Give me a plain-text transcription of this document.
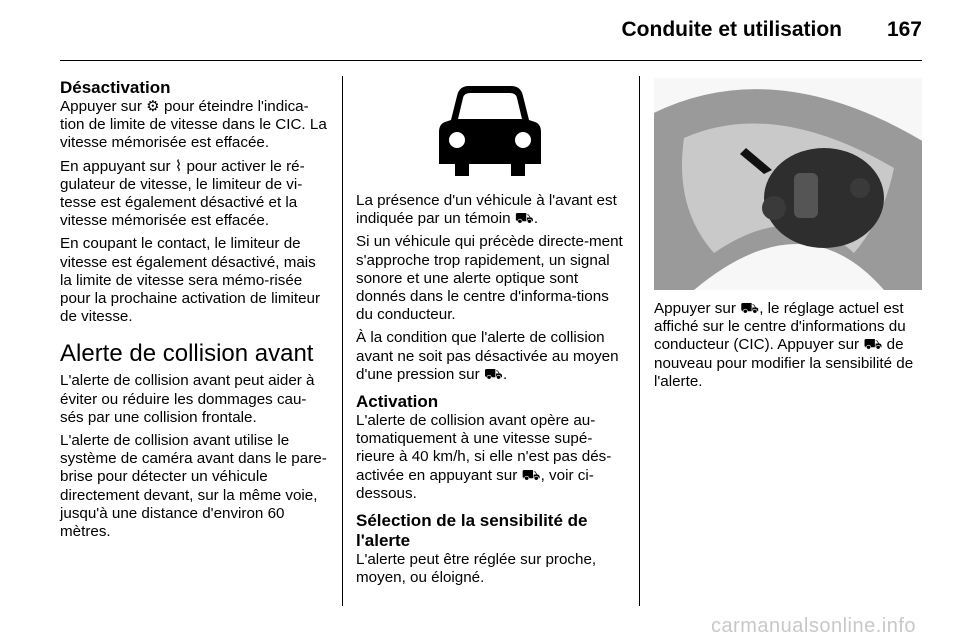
Conduite et utilisation 167
Désactivation

Appuyer sur ⚙ pour éteindre l'indica-tion de limite de vitesse dans le CIC. La vitesse mémorisée est effacée.

En appuyant sur ⌇ pour activer le ré-gulateur de vitesse, le limiteur de vi-tesse est également désactivé et la vitesse mémorisée est effacée.

En coupant le contact, le limiteur de vitesse est également désactivé, mais la limite de vitesse sera mémo-risée pour la prochaine activation de limiteur de vitesse.

Alerte de collision avant

L'alerte de collision avant peut aider à éviter ou réduire les dommages cau-sés par une collision frontale.

L'alerte de collision avant utilise le système de caméra avant dans le pare-brise pour détecter un véhicule directement devant, sur la même voie, jusqu'à une distance d'environ 60 mètres.

La présence d'un véhicule à l'avant est indiquée par un témoin ⛟.

Si un véhicule qui précède directe-ment s'approche trop rapidement, un signal sonore et une alerte optique sont donnés dans le centre d'informa-tions du conducteur.

À la condition que l'alerte de collision avant ne soit pas désactivée au moyen d'une pression sur ⛟.

Activation

L'alerte de collision avant opère au-tomatiquement à une vitesse supé-rieure à 40 km/h, si elle n'est pas dés-activée en appuyant sur ⛟, voir ci-dessous.

Sélection de la sensibilité de l'alerte

L'alerte peut être réglée sur proche, moyen, ou éloigné.

Appuyer sur ⛟, le réglage actuel est affiché sur le centre d'informations du conducteur (CIC). Appuyer sur ⛟ de nouveau pour modifier la sensibilité de l'alerte.

carmanualsonline.info
